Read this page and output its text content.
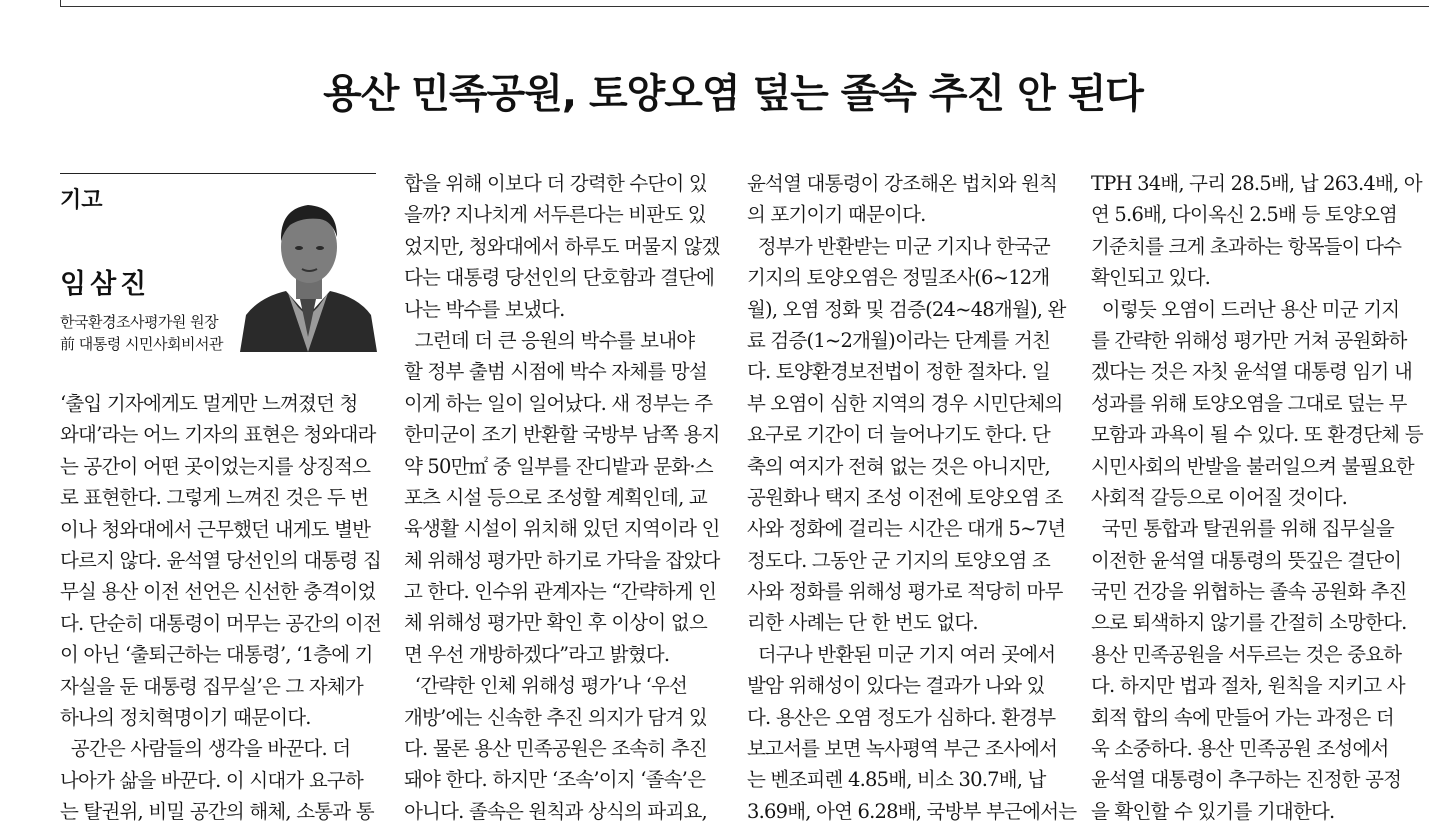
용산 민족공원, 토양오염 덮는 졸속 추진 안 된다
기고
임삼진
한국환경조사평가원 원장
前 대통령 시민사회비서관
‘출입 기자에게도 멀게만 느껴졌던 청
와대’라는 어느 기자의 표현은 청와대라
는 공간이 어떤 곳이었는지를 상징적으
로 표현한다. 그렇게 느껴진 것은 두 번
이나 청와대에서 근무했던 내게도 별반
다르지 않다. 윤석열 당선인의 대통령 집
무실 용산 이전 선언은 신선한 충격이었
다. 단순히 대통령이 머무는 공간의 이전
이 아닌 ‘출퇴근하는 대통령’, ‘1층에 기
자실을 둔 대통령 집무실’은 그 자체가
하나의 정치혁명이기 때문이다.
공간은 사람들의 생각을 바꾼다. 더
나아가 삶을 바꾼다. 이 시대가 요구하
는 탈권위, 비밀 공간의 해체, 소통과 통
합을 위해 이보다 더 강력한 수단이 있
을까? 지나치게 서두른다는 비판도 있
었지만, 청와대에서 하루도 머물지 않겠
다는 대통령 당선인의 단호함과 결단에
나는 박수를 보냈다.
그런데 더 큰 응원의 박수를 보내야
할 정부 출범 시점에 박수 자체를 망설
이게 하는 일이 일어났다. 새 정부는 주
한미군이 조기 반환할 국방부 남쪽 용지
약 50만㎡ 중 일부를 잔디밭과 문화·스
포츠 시설 등으로 조성할 계획인데, 교
육생활 시설이 위치해 있던 지역이라 인
체 위해성 평가만 하기로 가닥을 잡았다
고 한다. 인수위 관계자는 “간략하게 인
체 위해성 평가만 확인 후 이상이 없으
면 우선 개방하겠다”라고 밝혔다.
‘간략한 인체 위해성 평가’나 ‘우선
개방’에는 신속한 추진 의지가 담겨 있
다. 물론 용산 민족공원은 조속히 추진
돼야 한다. 하지만 ‘조속’이지 ‘졸속’은
아니다. 졸속은 원칙과 상식의 파괴요,
윤석열 대통령이 강조해온 법치와 원칙
의 포기이기 때문이다.
정부가 반환받는 미군 기지나 한국군
기지의 토양오염은 정밀조사(6~12개
월), 오염 정화 및 검증(24~48개월), 완
료 검증(1~2개월)이라는 단계를 거친
다. 토양환경보전법이 정한 절차다. 일
부 오염이 심한 지역의 경우 시민단체의
요구로 기간이 더 늘어나기도 한다. 단
축의 여지가 전혀 없는 것은 아니지만,
공원화나 택지 조성 이전에 토양오염 조
사와 정화에 걸리는 시간은 대개 5~7년
정도다. 그동안 군 기지의 토양오염 조
사와 정화를 위해성 평가로 적당히 마무
리한 사례는 단 한 번도 없다.
더구나 반환된 미군 기지 여러 곳에서
발암 위해성이 있다는 결과가 나와 있
다. 용산은 오염 정도가 심하다. 환경부
보고서를 보면 녹사평역 부근 조사에서
는 벤조피렌 4.85배, 비소 30.7배, 납
3.69배, 아연 6.28배, 국방부 부근에서는
TPH 34배, 구리 28.5배, 납 263.4배, 아
연 5.6배, 다이옥신 2.5배 등 토양오염
기준치를 크게 초과하는 항목들이 다수
확인되고 있다.
이렇듯 오염이 드러난 용산 미군 기지
를 간략한 위해성 평가만 거쳐 공원화하
겠다는 것은 자칫 윤석열 대통령 임기 내
성과를 위해 토양오염을 그대로 덮는 무
모함과 과욕이 될 수 있다. 또 환경단체 등
시민사회의 반발을 불러일으켜 불필요한
사회적 갈등으로 이어질 것이다.
국민 통합과 탈권위를 위해 집무실을
이전한 윤석열 대통령의 뜻깊은 결단이
국민 건강을 위협하는 졸속 공원화 추진
으로 퇴색하지 않기를 간절히 소망한다.
용산 민족공원을 서두르는 것은 중요하
다. 하지만 법과 절차, 원칙을 지키고 사
회적 합의 속에 만들어 가는 과정은 더
욱 소중하다. 용산 민족공원 조성에서
윤석열 대통령이 추구하는 진정한 공정
을 확인할 수 있기를 기대한다.
